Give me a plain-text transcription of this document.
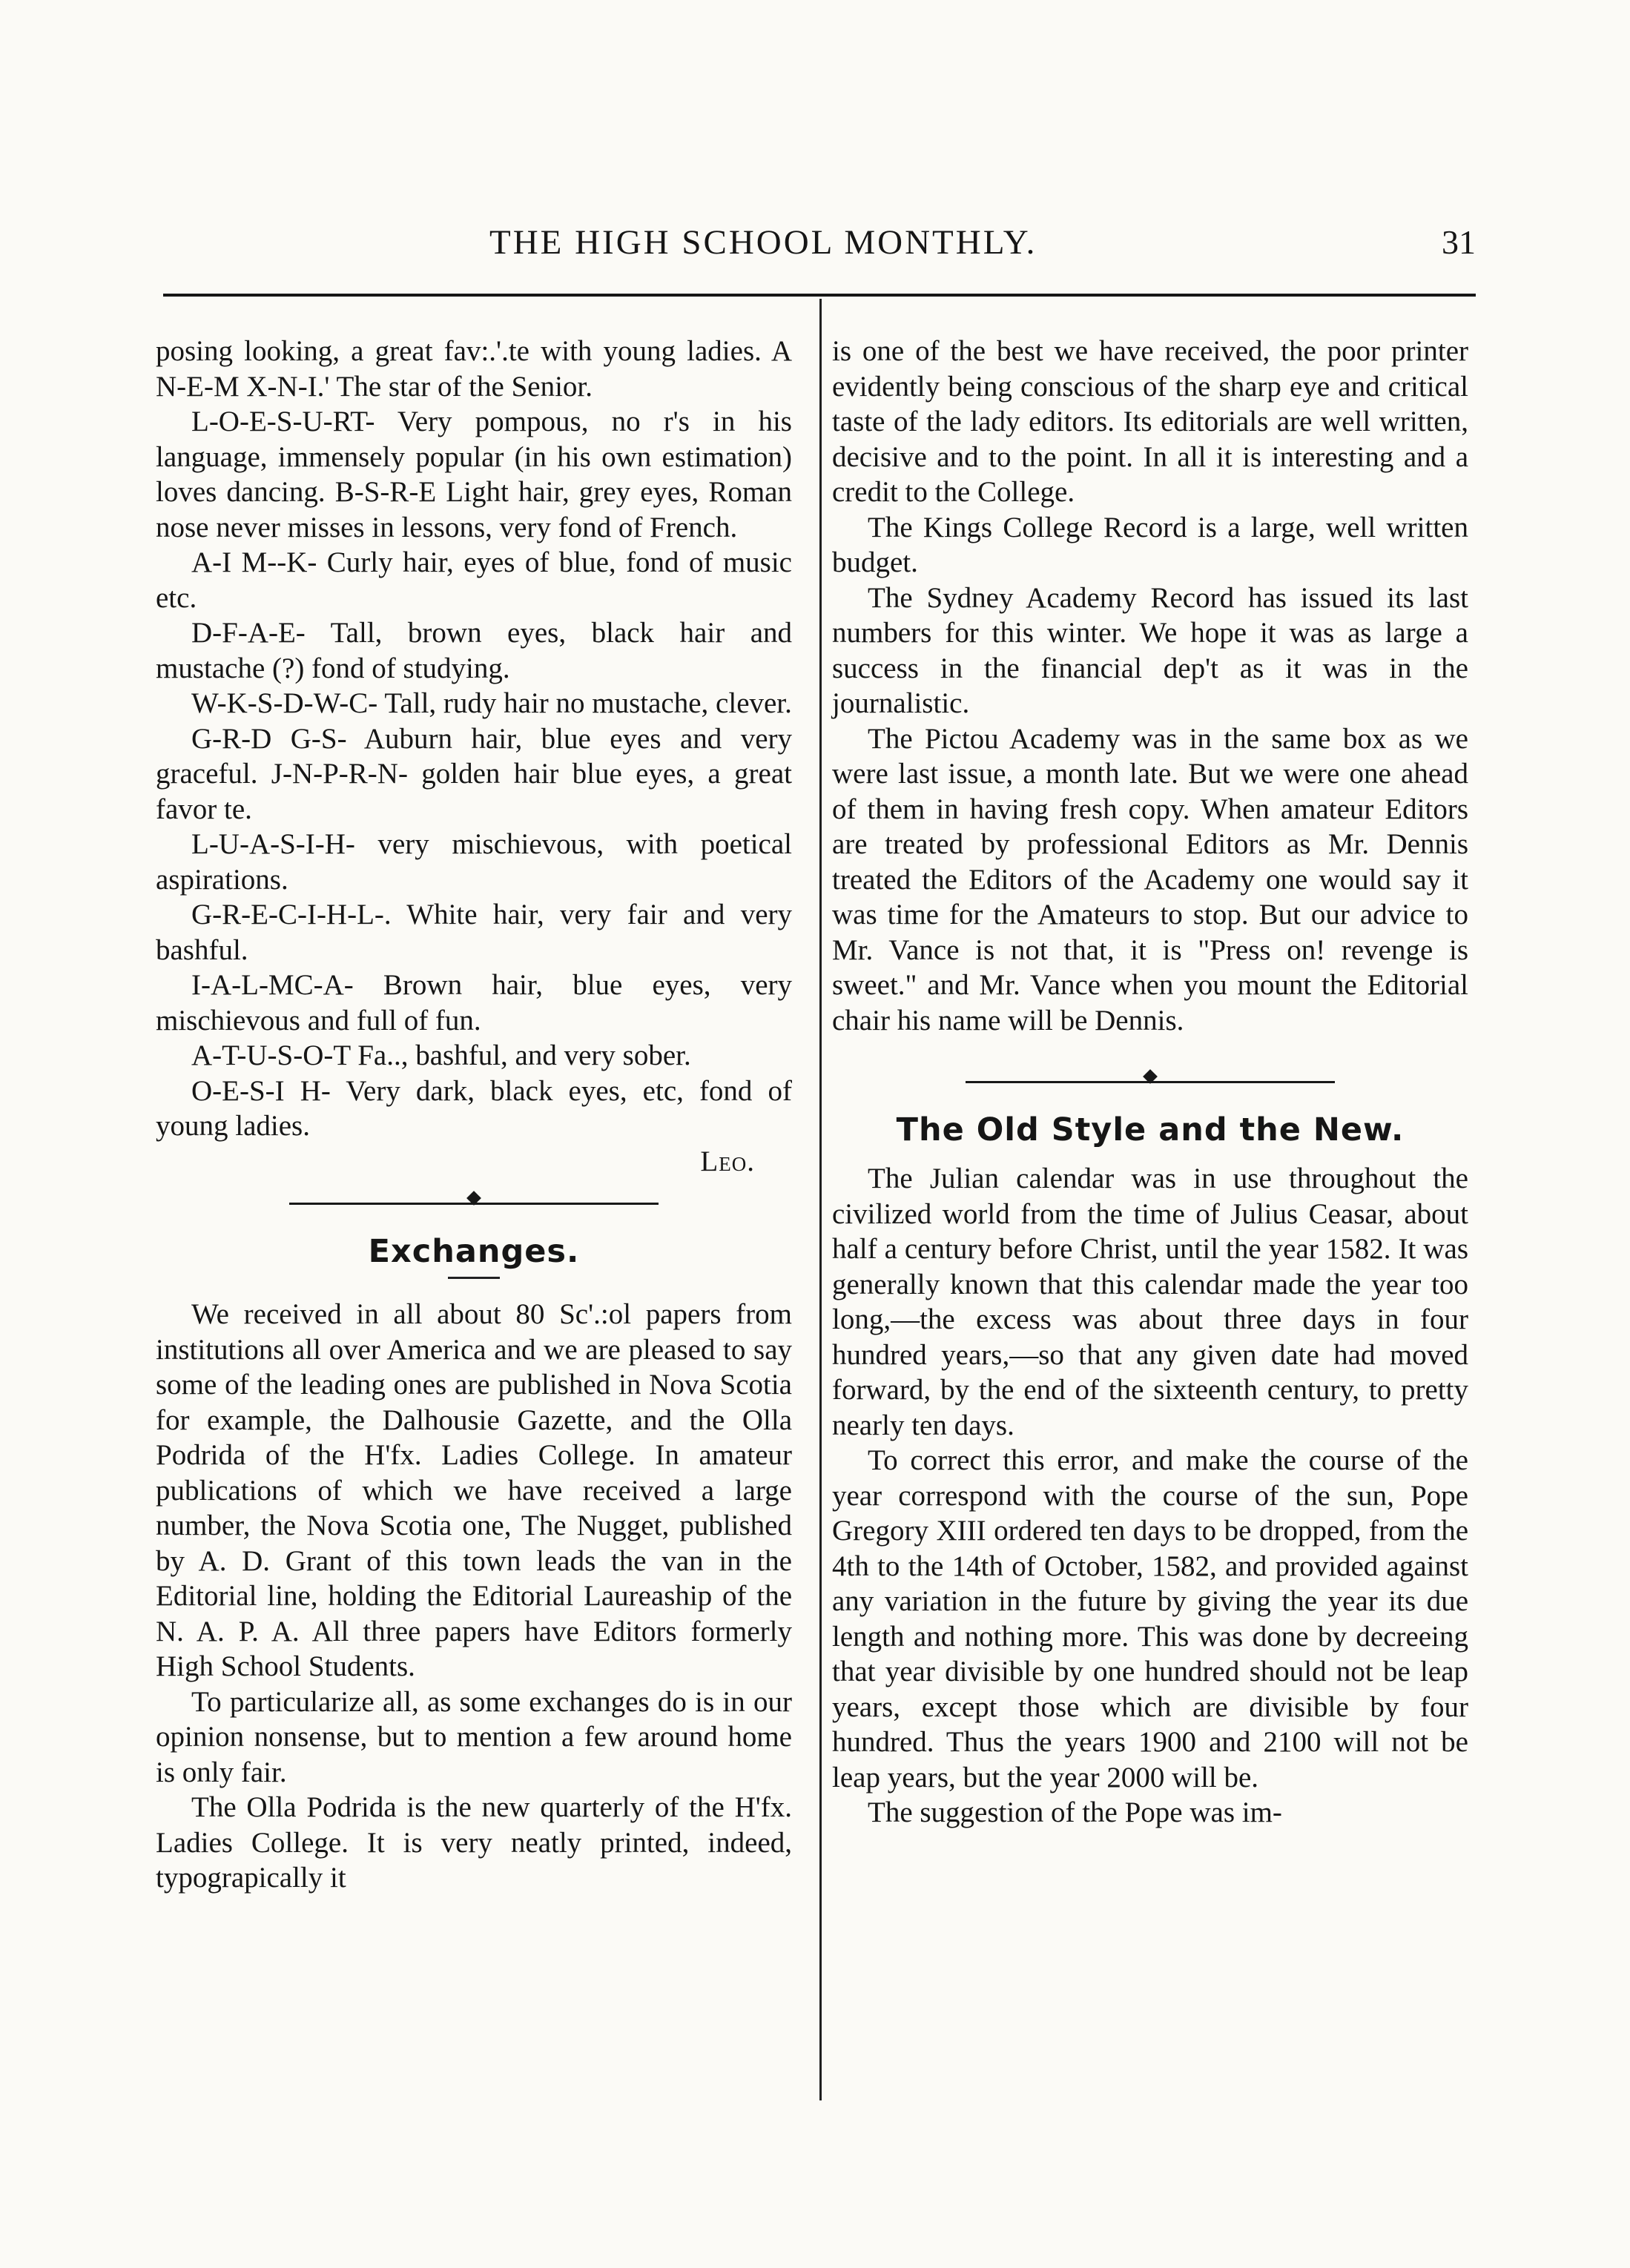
THE HIGH SCHOOL MONTHLY.	31

posing looking, a great fav:.'.te with young ladies. A N-E-M X-N-I.' The star of the Senior.

L-O-E-S-U-RT- Very pompous, no r's in his language, immensely popular (in his own estimation) loves dancing. B-S-R-E Light hair, grey eyes, Roman nose never misses in lessons, very fond of French.

A-I M--K- Curly hair, eyes of blue, fond of music etc.

D-F-A-E- Tall, brown eyes, black hair and mustache (?) fond of studying.

W-K-S-D-W-C- Tall, rudy hair no mustache, clever.

G-R-D G-S- Auburn hair, blue eyes and very graceful. J-N-P-R-N- golden hair blue eyes, a great favor te.

L-U-A-S-I-H- very mischievous, with poetical aspirations.

G-R-E-C-I-H-L-. White hair, very fair and very bashful.

I-A-L-MC-A- Brown hair, blue eyes, very mischievous and full of fun.

A-T-U-S-O-T Fa.., bashful, and very sober.

O-E-S-I H- Very dark, black eyes, etc, fond of young ladies.

Leo.

Exchanges.

We received in all about 80 Sc'.:ol papers from institutions all over America and we are pleased to say some of the leading ones are published in Nova Scotia for example, the Dalhousie Gazette, and the Olla Podrida of the H'fx. Ladies College. In amateur publications of which we have received a large number, the Nova Scotia one, The Nugget, published by A. D. Grant of this town leads the van in the Editorial line, holding the Editorial Laureaship of the N. A. P. A. All three papers have Editors formerly High School Students.

To particularize all, as some exchanges do is in our opinion nonsense, but to mention a few around home is only fair.

The Olla Podrida is the new quarterly of the H'fx. Ladies College. It is very neatly printed, indeed, typograpically it

is one of the best we have received, the poor printer evidently being conscious of the sharp eye and critical taste of the lady editors. Its editorials are well written, decisive and to the point. In all it is interesting and a credit to the College.

The Kings College Record is a large, well written budget.

The Sydney Academy Record has issued its last numbers for this winter. We hope it was as large a success in the financial dep't as it was in the journalistic.

The Pictou Academy was in the same box as we were last issue, a month late. But we were one ahead of them in having fresh copy. When amateur Editors are treated by professional Editors as Mr. Dennis treated the Editors of the Academy one would say it was time for the Amateurs to stop. But our advice to Mr. Vance is not that, it is "Press on! revenge is sweet." and Mr. Vance when you mount the Editorial chair his name will be Dennis.

The Old Style and the New.

The Julian calendar was in use throughout the civilized world from the time of Julius Ceasar, about half a century before Christ, until the year 1582. It was generally known that this calendar made the year too long,—the excess was about three days in four hundred years,—so that any given date had moved forward, by the end of the sixteenth century, to pretty nearly ten days.

To correct this error, and make the course of the year correspond with the course of the sun, Pope Gregory XIII ordered ten days to be dropped, from the 4th to the 14th of October, 1582, and provided against any variation in the future by giving the year its due length and nothing more. This was done by decreeing that year divisible by one hundred should not be leap years, except those which are divisible by four hundred. Thus the years 1900 and 2100 will not be leap years, but the year 2000 will be.

The suggestion of the Pope was im-
